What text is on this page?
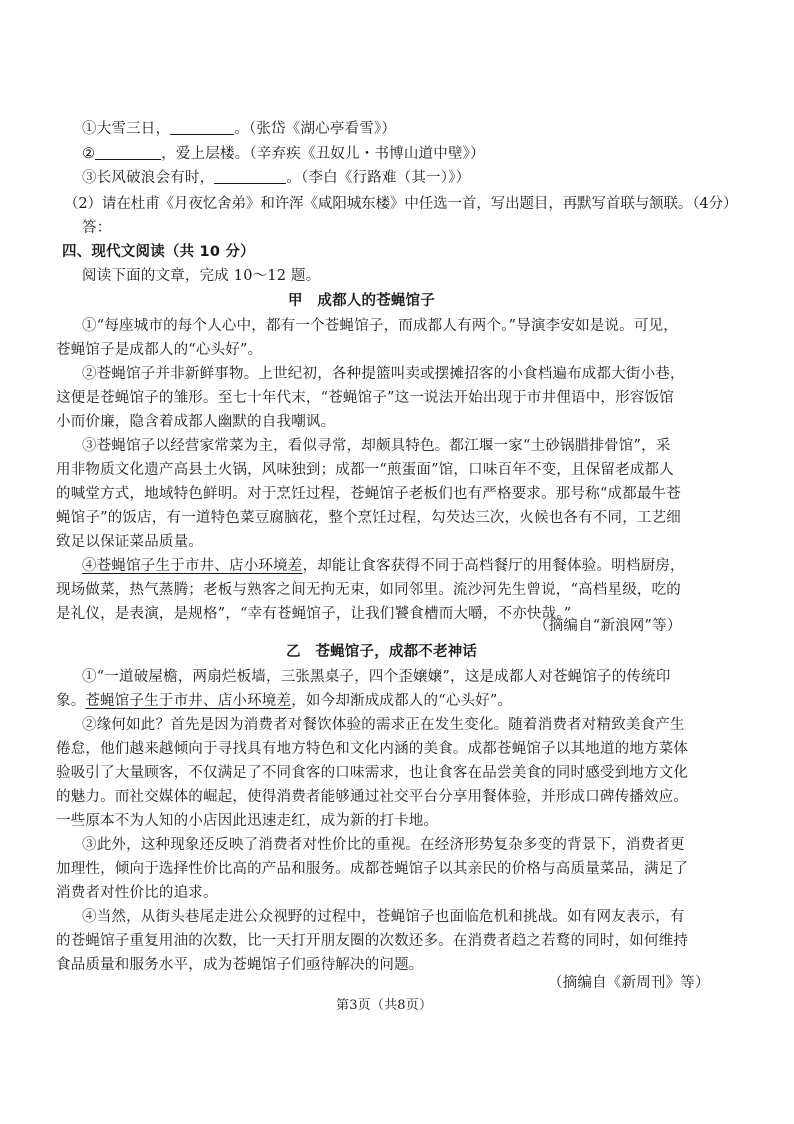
①大雪三日，	。（张岱《湖心亭看雪》）
②	，爱上层楼。（辛弃疾《丑奴儿・书博山道中壁》）
③长风破浪会有时，	。（李白《行路难（其一）》）
（2）请在杜甫《月夜忆舍弟》和许浑《咸阳城东楼》中任选一首，写出题目，再默写首联与颔联。（4分）
答：
四、现代文阅读（共 10 分）
阅读下面的文章，完成 10～12 题。
甲　成都人的苍蝇馆子
①“每座城市的每个人心中，都有一个苍蝇馆子，而成都人有两个。”导演李安如是说。可见，
苍蝇馆子是成都人的“心头好”。
②苍蝇馆子并非新鲜事物。上世纪初，各种提篮叫卖或摆摊招客的小食档遍布成都大街小巷，
这便是苍蝇馆子的雏形。至七十年代末，“苍蝇馆子”这一说法开始出现于市井俚语中，形容饭馆
小而价廉，隐含着成都人幽默的自我嘲讽。
③苍蝇馆子以经营家常菜为主，看似寻常，却颇具特色。都江堰一家“土砂锅腊排骨馆”，采
用非物质文化遗产高县土火锅，风味独到；成都一“煎蛋面”馆，口味百年不变，且保留老成都人
的喊堂方式，地域特色鲜明。对于烹饪过程，苍蝇馆子老板们也有严格要求。那号称“成都最牛苍
蝇馆子”的饭店，有一道特色菜豆腐脑花，整个烹饪过程，勾芡达三次，火候也各有不同，工艺细
致足以保证菜品质量。
④苍蝇馆子生于市井、店小环境差，却能让食客获得不同于高档餐厅的用餐体验。明档厨房，
现场做菜，热气蒸腾；老板与熟客之间无拘无束，如同邻里。流沙河先生曾说，“高档星级，吃的
是礼仪，是表演，是规格”，“幸有苍蝇馆子，让我们饕食槽而大嚼，不亦快哉。”
（摘编自“新浪网”等）
乙　苍蝇馆子，成都不老神话
①“一道破屋檐，两扇烂板墙，三张黑桌子，四个歪嬢嬢”，这是成都人对苍蝇馆子的传统印
象。苍蝇馆子生于市井、店小环境差，如今却渐成成都人的“心头好”。
②缘何如此？首先是因为消费者对餐饮体验的需求正在发生变化。随着消费者对精致美食产生
倦怠，他们越来越倾向于寻找具有地方特色和文化内涵的美食。成都苍蝇馆子以其地道的地方菜体
验吸引了大量顾客，不仅满足了不同食客的口味需求，也让食客在品尝美食的同时感受到地方文化
的魅力。而社交媒体的崛起，使得消费者能够通过社交平台分享用餐体验，并形成口碑传播效应。
一些原本不为人知的小店因此迅速走红，成为新的打卡地。
③此外，这种现象还反映了消费者对性价比的重视。在经济形势复杂多变的背景下，消费者更
加理性，倾向于选择性价比高的产品和服务。成都苍蝇馆子以其亲民的价格与高质量菜品，满足了
消费者对性价比的追求。
④当然，从街头巷尾走进公众视野的过程中，苍蝇馆子也面临危机和挑战。如有网友表示，有
的苍蝇馆子重复用油的次数，比一天打开朋友圈的次数还多。在消费者趋之若鹜的同时，如何维持
食品质量和服务水平，成为苍蝇馆子们亟待解决的问题。
（摘编自《新周刊》等）
第3页（共8页）
